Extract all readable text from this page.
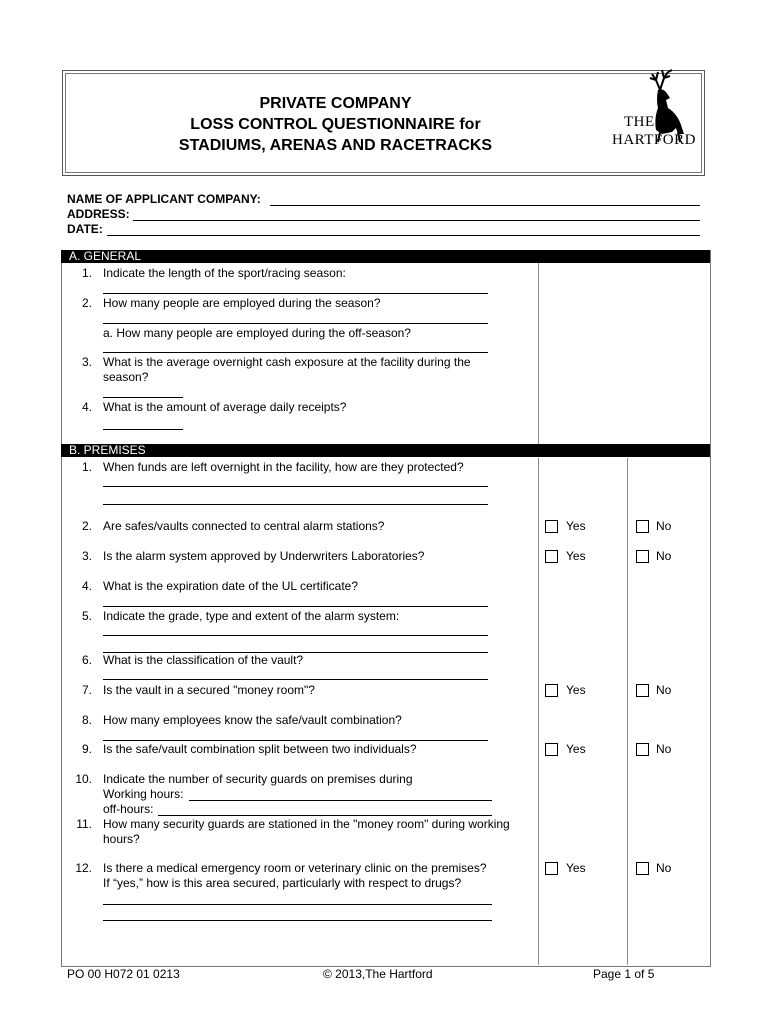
PRIVATE COMPANY
LOSS CONTROL QUESTIONNAIRE for
STADIUMS, ARENAS AND RACETRACKS
THE
HARTFORD
NAME OF APPLICANT COMPANY:
ADDRESS:
DATE:
A. GENERAL
1. Indicate the length of the sport/racing season:
2. How many people are employed during the season?
a. How many people are employed during the off-season?
3. What is the average overnight cash exposure at the facility during the
season?
4. What is the amount of average daily receipts?
B. PREMISES
1. When funds are left overnight in the facility, how are they protected?
2. Are safes/vaults connected to central alarm stations?	Yes	No
3. Is the alarm system approved by Underwriters Laboratories?	Yes	No
4. What is the expiration date of the UL certificate?
5. Indicate the grade, type and extent of the alarm system:
6. What is the classification of the vault?
7. Is the vault in a secured "money room"?	Yes	No
8. How many employees know the safe/vault combination?
9. Is the safe/vault combination split between two individuals?	Yes	No
10. Indicate the number of security guards on premises during
Working hours:
off-hours:
11. How many security guards are stationed in the "money room" during working
hours?
12. Is there a medical emergency room or veterinary clinic on the premises?
If “yes,” how is this area secured, particularly with respect to drugs?
Yes	No
PO 00 H072 01 0213	© 2013,The Hartford	Page 1 of 5
